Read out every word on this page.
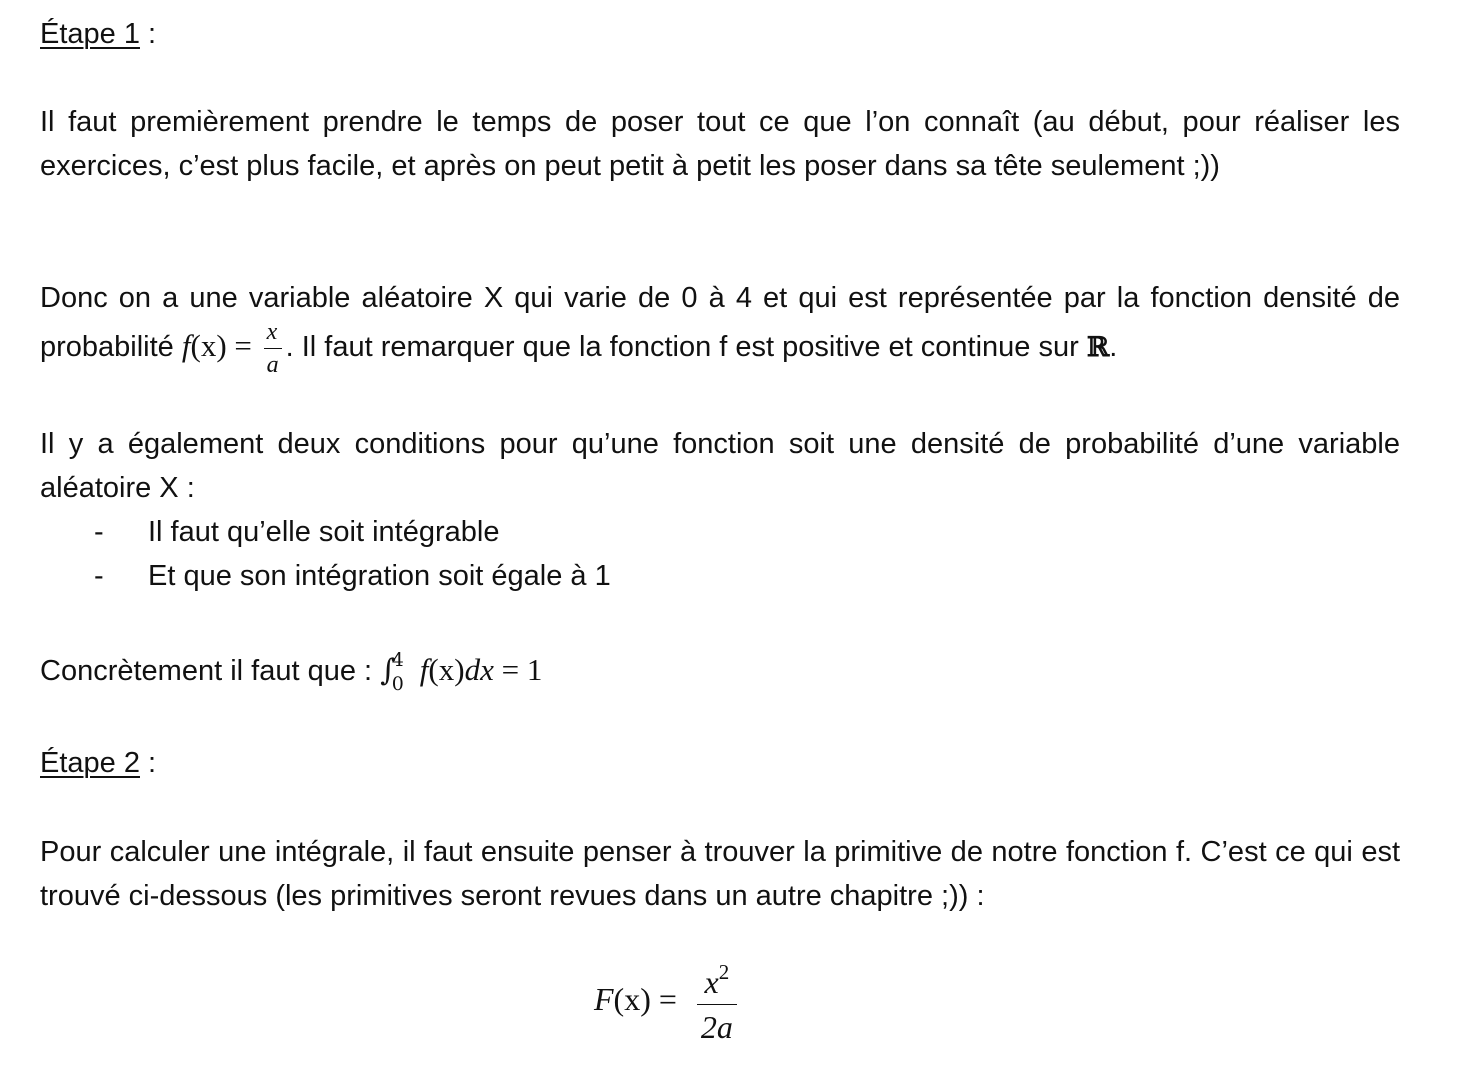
Étape 1 :
Il faut premièrement prendre le temps de poser tout ce que l’on connaît (au début, pour réaliser les exercices, c’est plus facile, et après on peut petit à petit les poser dans sa tête seulement ;))
Donc on a une variable aléatoire X qui varie de 0 à 4 et qui est représentée par la fonction densité de probabilité $f(x) = \frac{x}{a}$ . Il faut remarquer que la fonction f est positive et continue sur ℝ.
Il y a également deux conditions pour qu’une fonction soit une densité de probabilité d’une variable aléatoire X :
- Il faut qu’elle soit intégrable
- Et que son intégration soit égale à 1
Concrètement il faut que : ∫40 f(x)dx = 1
Étape 2 :
Pour calculer une intégrale, il faut ensuite penser à trouver la primitive de notre fonction f. C’est ce qui est trouvé ci-dessous (les primitives seront revues dans un autre chapitre ;)) :
$F(x) = \frac{x^2}{2a}$
